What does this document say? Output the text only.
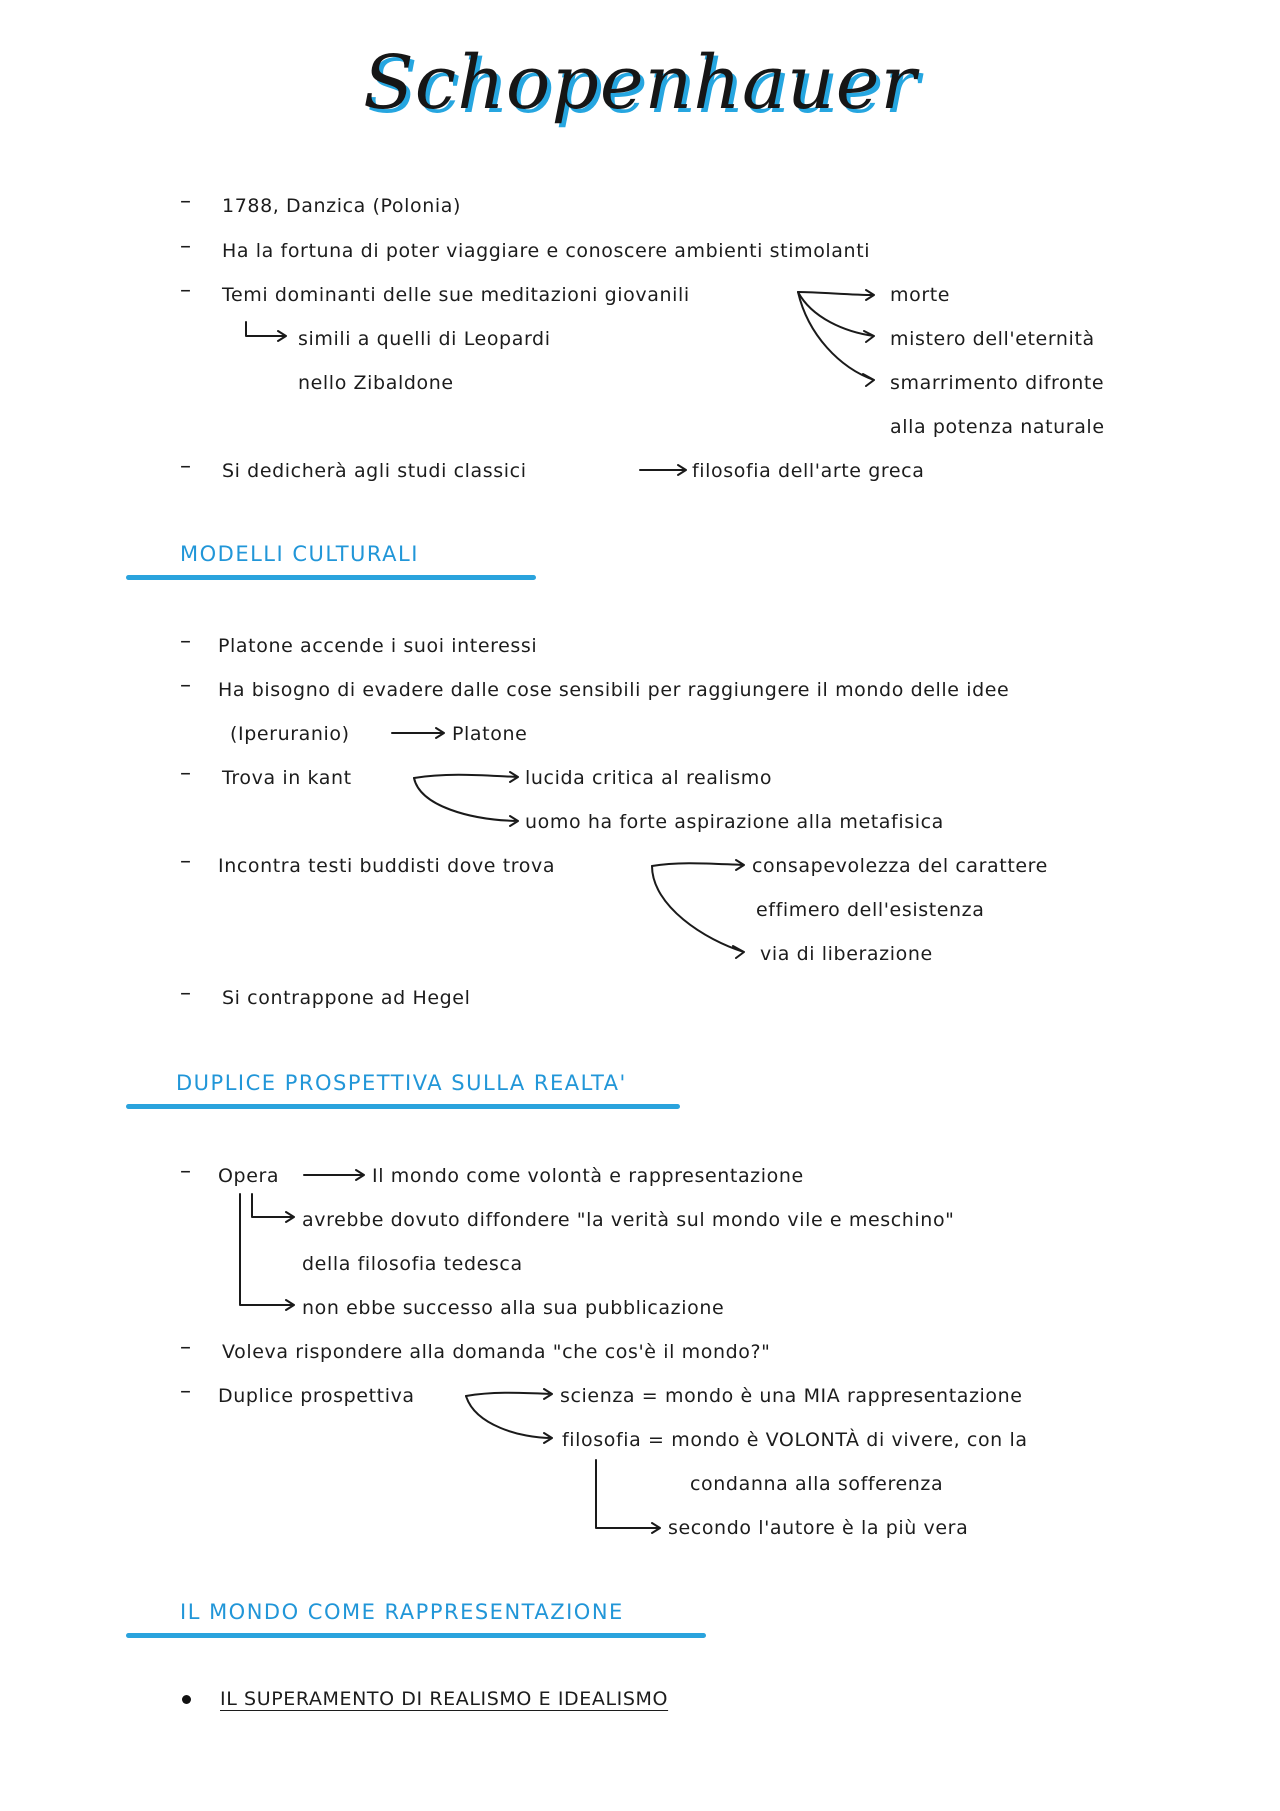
Schopenhauer
– 1788, Danzica (Polonia)
– Ha la fortuna di poter viaggiare e conoscere ambienti stimolanti
– Temi dominanti delle sue meditazioni giovanili	morte
mistero dell'eternità
smarrimento difronte
alla potenza naturale
simili a quelli di Leopardi
nello Zibaldone
– Si dedicherà agli studi classici	filosofia dell'arte greca
MODELLI CULTURALI
– Platone accende i suoi interessi
– Ha bisogno di evadere dalle cose sensibili per raggiungere il mondo delle idee
(Iperuranio)	Platone
– Trova in kant	lucida critica al realismo
uomo ha forte aspirazione alla metafisica
– Incontra testi buddisti dove trova	consapevolezza del carattere
effimero dell'esistenza
via di liberazione
– Si contrappone ad Hegel
DUPLICE PROSPETTIVA SULLA REALTA'
– Opera	Il mondo come volontà e rappresentazione
avrebbe dovuto diffondere "la verità sul mondo vile e meschino"
della filosofia tedesca
non ebbe successo alla sua pubblicazione
– Voleva rispondere alla domanda "che cos'è il mondo?"
– Duplice prospettiva	scienza = mondo è una MIA rappresentazione
filosofia = mondo è VOLONTÀ di vivere, con la
condanna alla sofferenza
secondo l'autore è la più vera
IL MONDO COME RAPPRESENTAZIONE
IL SUPERAMENTO DI REALISMO E IDEALISMO
